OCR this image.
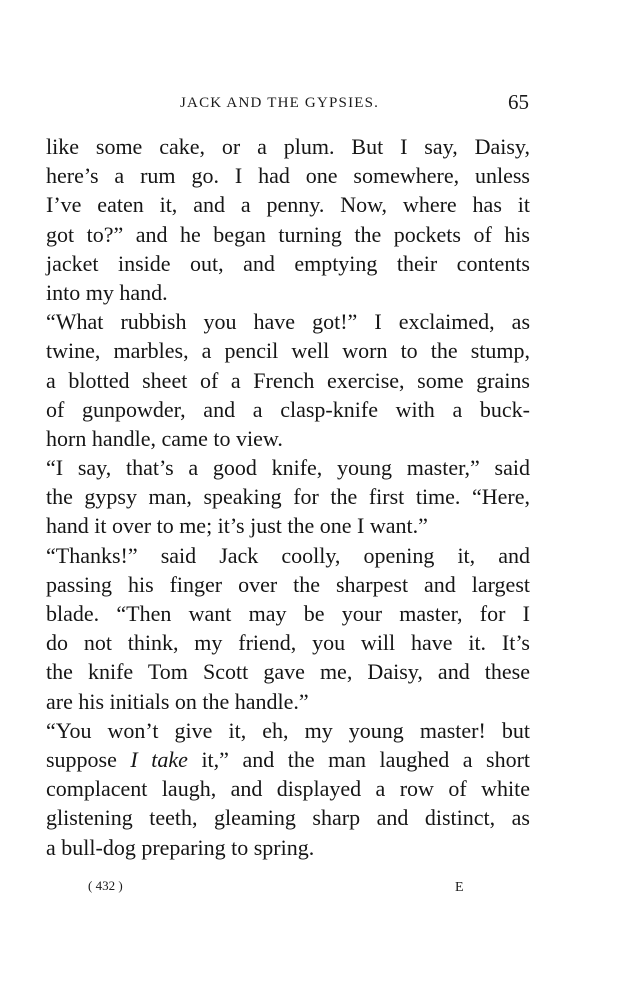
JACK AND THE GYPSIES.	65
like some cake, or a plum. But I say, Daisy,
here’s a rum go. I had one somewhere, unless
I’ve eaten it, and a penny. Now, where has it
got to?” and he began turning the pockets of his
jacket inside out, and emptying their contents
into my hand.
“What rubbish you have got!” I exclaimed, as
twine, marbles, a pencil well worn to the stump,
a blotted sheet of a French exercise, some grains
of gunpowder, and a clasp-knife with a buck-
horn handle, came to view.
“I say, that’s a good knife, young master,” said
the gypsy man, speaking for the first time. “Here,
hand it over to me; it’s just the one I want.”
“Thanks!” said Jack coolly, opening it, and
passing his finger over the sharpest and largest
blade. “Then want may be your master, for I
do not think, my friend, you will have it. It’s
the knife Tom Scott gave me, Daisy, and these
are his initials on the handle.”
“You won’t give it, eh, my young master! but
suppose I take it,” and the man laughed a short
complacent laugh, and displayed a row of white
glistening teeth, gleaming sharp and distinct, as
a bull-dog preparing to spring.
( 432 )	E
